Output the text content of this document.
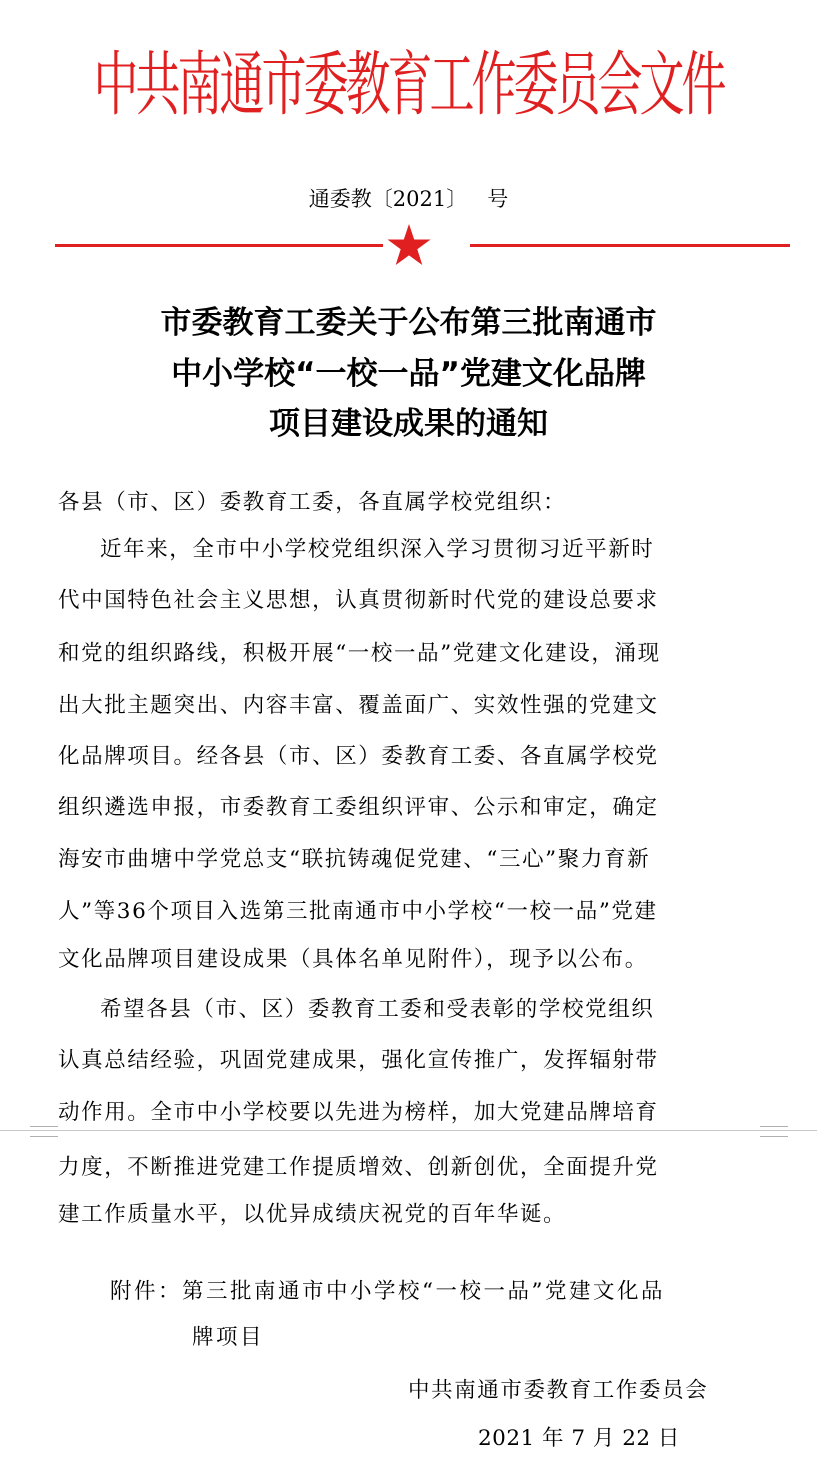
中共南通市委教育工作委员会文件
通委教〔2021〕   号
市委教育工委关于公布第三批南通市
中小学校“一校一品”党建文化品牌
项目建设成果的通知
各县（市、区）委教育工委，各直属学校党组织：
近年来，全市中小学校党组织深入学习贯彻习近平新时
代中国特色社会主义思想，认真贯彻新时代党的建设总要求
和党的组织路线，积极开展“一校一品”党建文化建设，涌现
出大批主题突出、内容丰富、覆盖面广、实效性强的党建文
化品牌项目。经各县（市、区）委教育工委、各直属学校党
组织遴选申报，市委教育工委组织评审、公示和审定，确定
海安市曲塘中学党总支“联抗铸魂促党建、“三心”聚力育新
人”等36个项目入选第三批南通市中小学校“一校一品”党建
文化品牌项目建设成果（具体名单见附件），现予以公布。
希望各县（市、区）委教育工委和受表彰的学校党组织
认真总结经验，巩固党建成果，强化宣传推广，发挥辐射带
动作用。全市中小学校要以先进为榜样，加大党建品牌培育
力度，不断推进党建工作提质增效、创新创优，全面提升党
建工作质量水平，以优异成绩庆祝党的百年华诞。
附件：第三批南通市中小学校“一校一品”党建文化品
牌项目
中共南通市委教育工作委员会
2021 年 7 月 22 日
